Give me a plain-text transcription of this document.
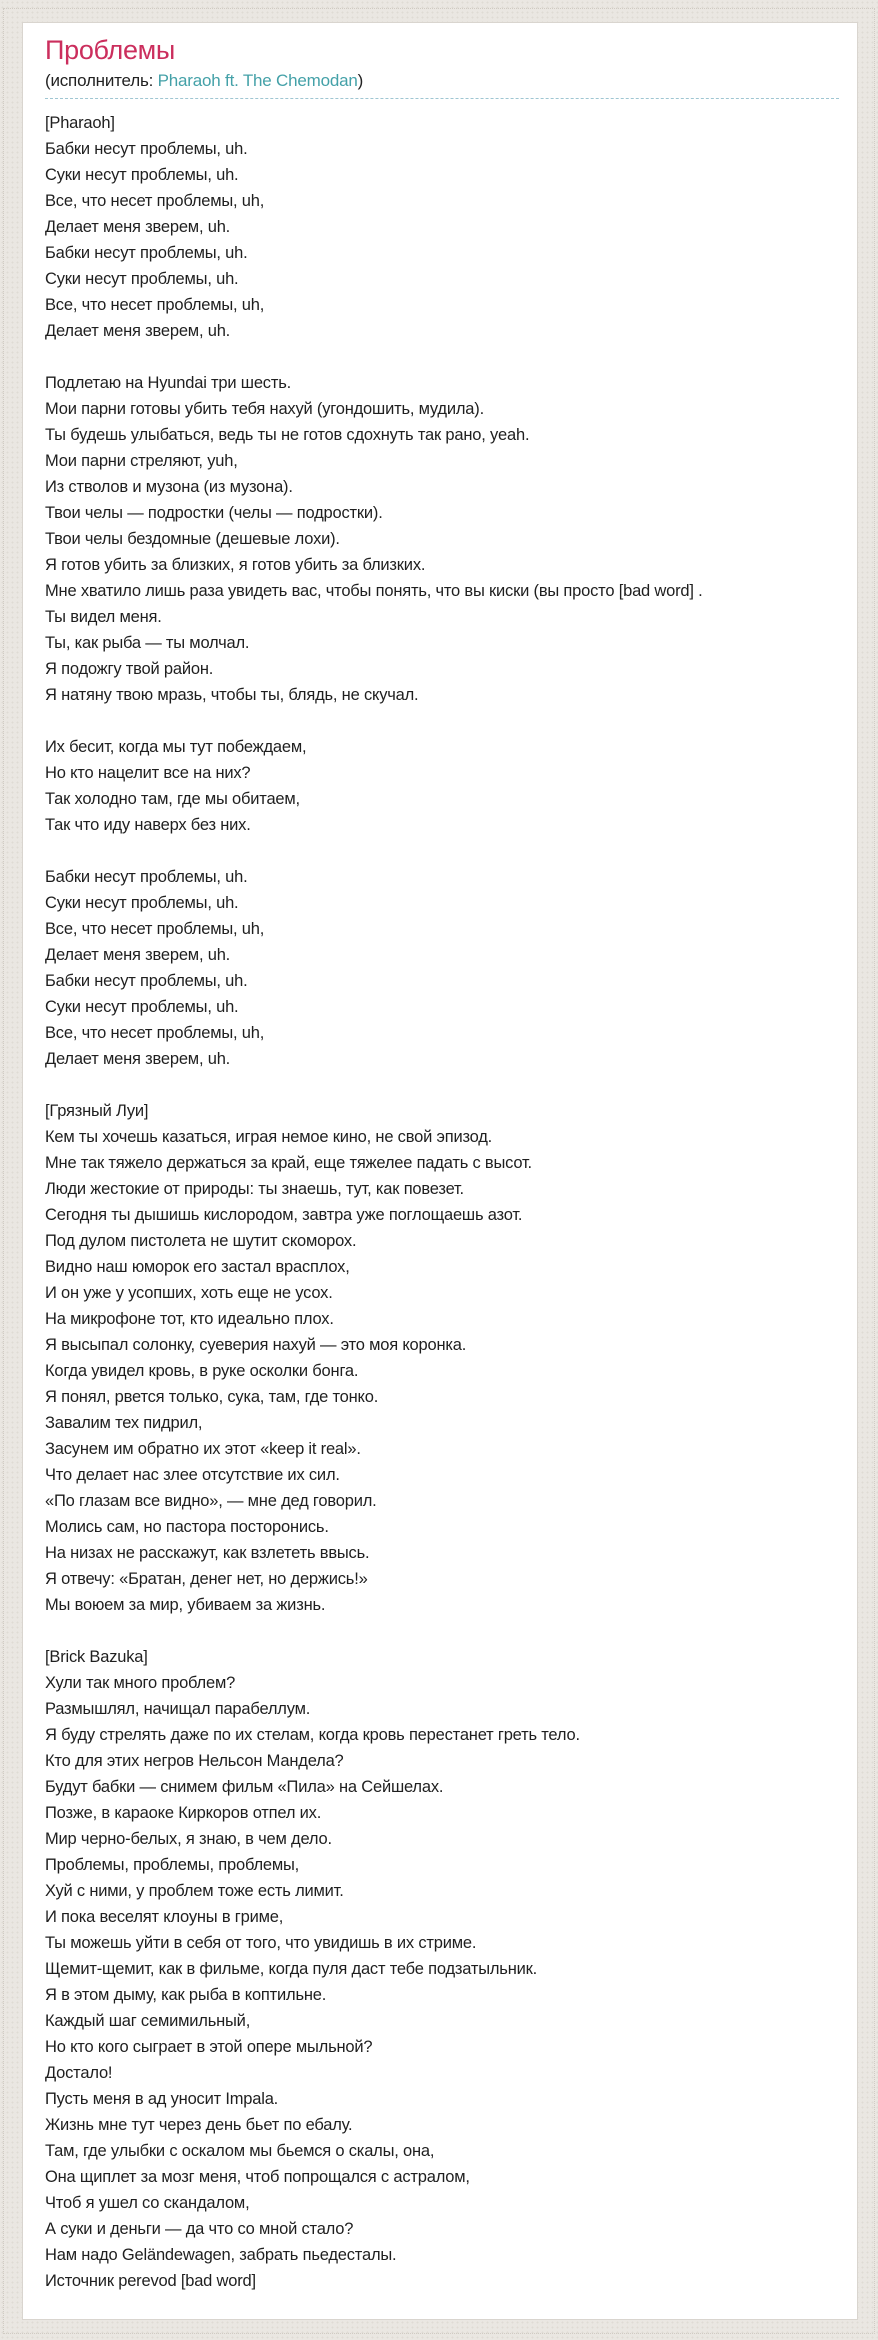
Проблемы

(исполнитель: Pharaoh ft. The Chemodan)

[Pharaoh]
Бабки несут проблемы, uh.
Суки несут проблемы, uh.
Все, что несет проблемы, uh,
Делает меня зверем, uh.
Бабки несут проблемы, uh.
Суки несут проблемы, uh.
Все, что несет проблемы, uh,
Делает меня зверем, uh.

Подлетаю на Hyundai три шесть.
Мои парни готовы убить тебя нахуй (угондошить, мудила).
Ты будешь улыбаться, ведь ты не готов сдохнуть так рано, yeah.
Мои парни стреляют, yuh,
Из стволов и музона (из музона).
Твои челы — подростки (челы — подростки).
Твои челы бездомные (дешевые лохи).
Я готов убить за близких, я готов убить за близких.
Мне хватило лишь раза увидеть вас, чтобы понять, что вы киски (вы просто [bad word] .
Ты видел меня.
Ты, как рыба — ты молчал.
Я подожгу твой район.
Я натяну твою мразь, чтобы ты, блядь, не скучал.

Их бесит, когда мы тут побеждаем,
Но кто нацелит все на них?
Так холодно там, где мы обитаем,
Так что иду наверх без них.

Бабки несут проблемы, uh.
Суки несут проблемы, uh.
Все, что несет проблемы, uh,
Делает меня зверем, uh.
Бабки несут проблемы, uh.
Суки несут проблемы, uh.
Все, что несет проблемы, uh,
Делает меня зверем, uh.

[Грязный Луи]
Кем ты хочешь казаться, играя немое кино, не свой эпизод.
Мне так тяжело держаться за край, еще тяжелее падать с высот.
Люди жестокие от природы: ты знаешь, тут, как повезет.
Сегодня ты дышишь кислородом, завтра уже поглощаешь азот.
Под дулом пистолета не шутит скоморох.
Видно наш юморок его застал врасплох,
И он уже у усопших, хоть еще не усох.
На микрофоне тот, кто идеально плох.
Я высыпал солонку, суеверия нахуй — это моя коронка.
Когда увидел кровь, в руке осколки бонга.
Я понял, рвется только, сука, там, где тонко.
Завалим тех пидрил,
Засунем им обратно их этот «keep it real».
Что делает нас злее отсутствие их сил.
«По глазам все видно», — мне дед говорил.
Молись сам, но пастора посторонись.
На низах не расскажут, как взлететь ввысь.
Я отвечу: «Братан, денег нет, но держись!»
Мы воюем за мир, убиваем за жизнь.

[Brick Bazuka]
Хули так много проблем?
Размышлял, начищал парабеллум.
Я буду стрелять даже по их стелам, когда кровь перестанет греть тело.
Кто для этих негров Нельсон Мандела?
Будут бабки — снимем фильм «Пила» на Сейшелах.
Позже, в караоке Киркоров отпел их.
Мир черно-белых, я знаю, в чем дело.
Проблемы, проблемы, проблемы,
Хуй с ними, у проблем тоже есть лимит.
И пока веселят клоуны в гриме,
Ты можешь уйти в себя от того, что увидишь в их стриме.
Щемит-щемит, как в фильме, когда пуля даст тебе подзатыльник.
Я в этом дыму, как рыба в коптильне.
Каждый шаг семимильный,
Но кто кого сыграет в этой опере мыльной?
Достало!
Пусть меня в ад уносит Impala.
Жизнь мне тут через день бьет по ебалу.
Там, где улыбки с оскалом мы бьемся о скалы, она,
Она щиплет за мозг меня, чтоб попрощался с астралом,
Чтоб я ушел со скандалом,
А суки и деньги — да что со мной стало?
Нам надо Geländewagen, забрать пьедесталы.
Источник perevod [bad word]
